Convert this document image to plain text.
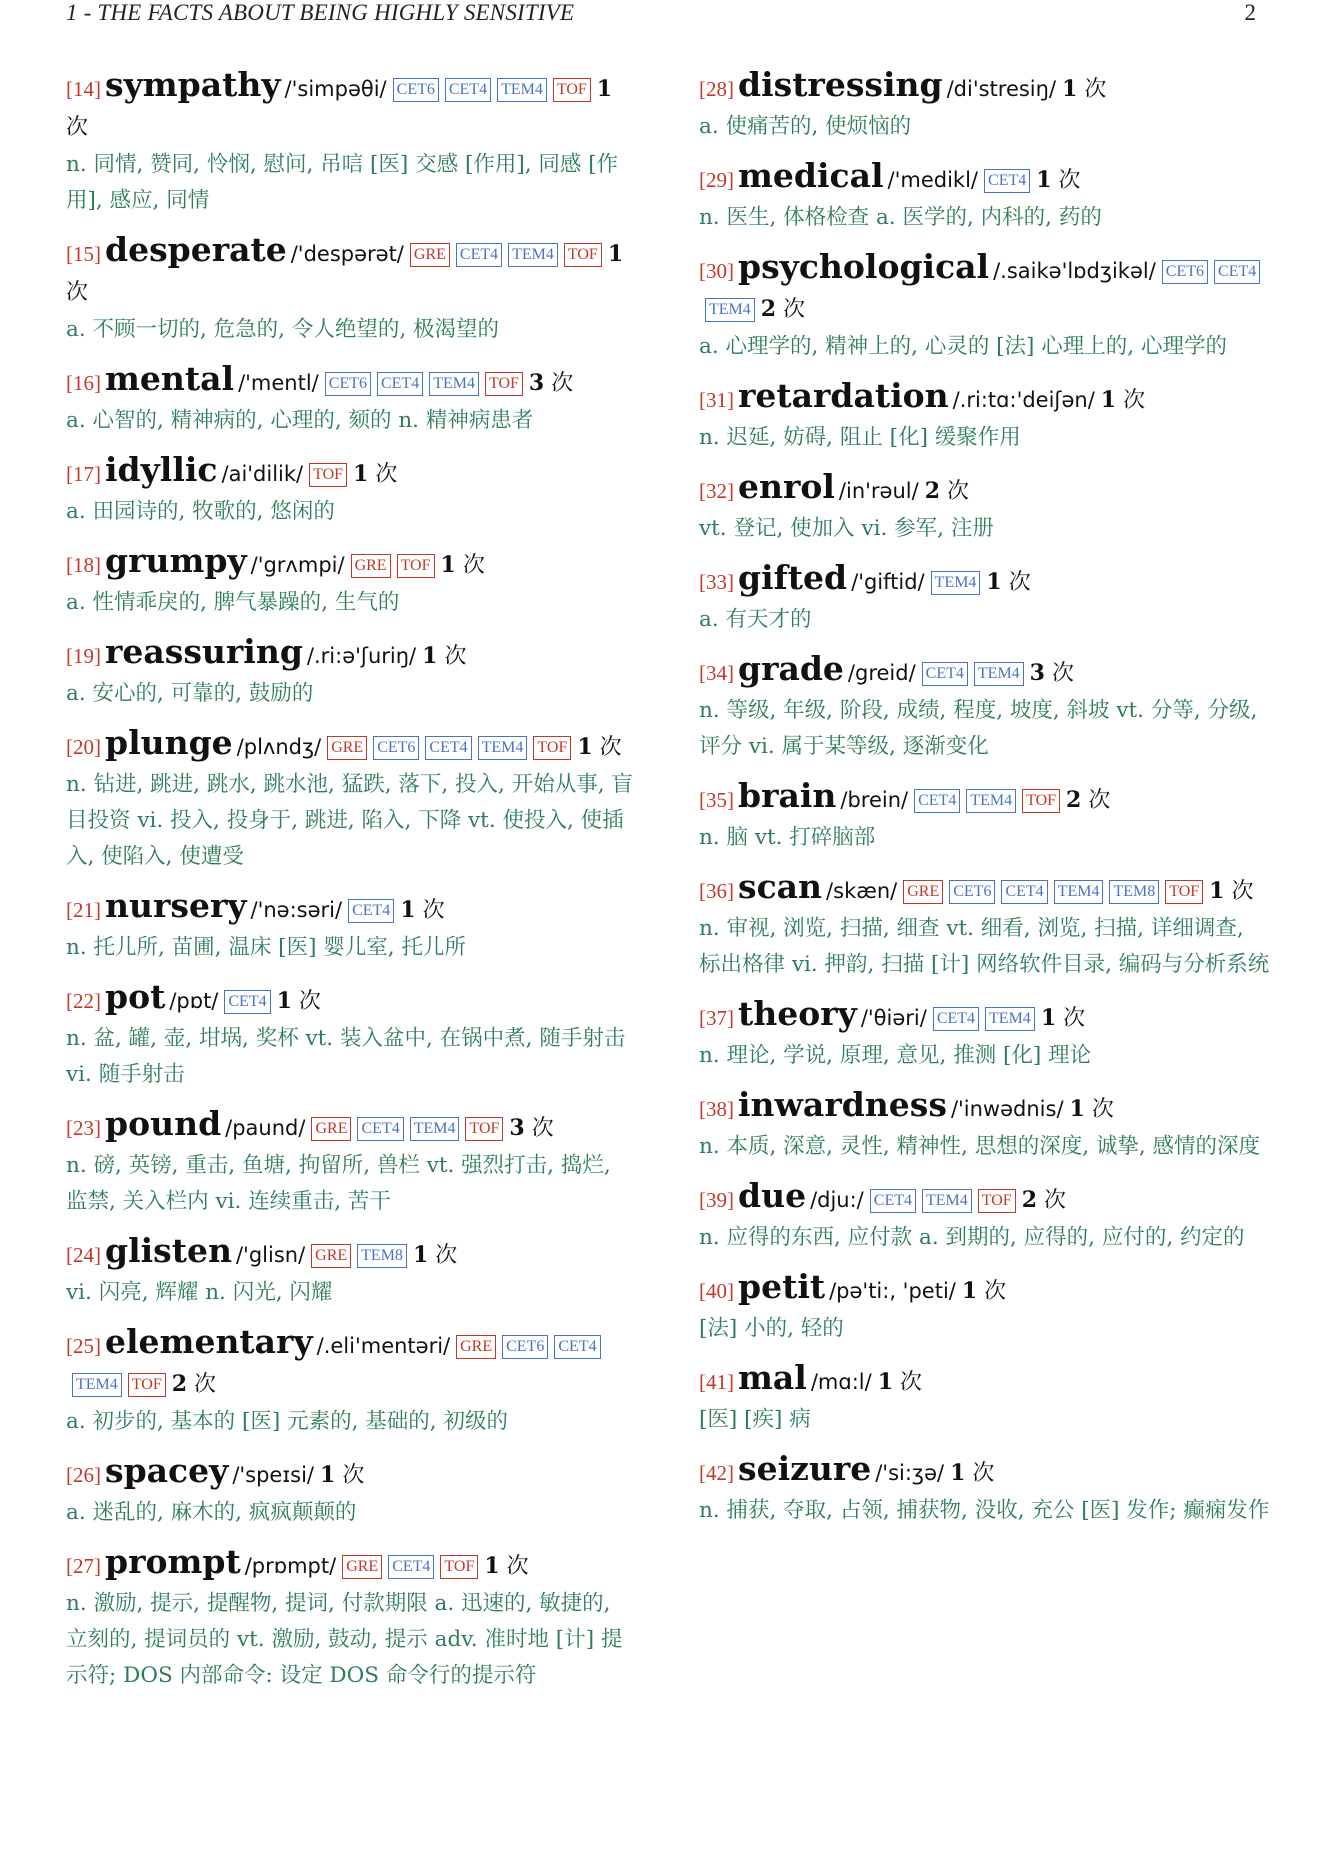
1 - THE FACTS ABOUT BEING HIGHLY SENSITIVE	2
[14] sympathy /'simpəθi/ CET6 CET4 TEM4 TOF 1 次
n. 同情, 赞同, 怜悯, 慰问, 吊唁 [医] 交感 [作用], 同感 [作用], 感应, 同情
[15] desperate /'despərət/ GRE CET4 TEM4 TOF 1 次
a. 不顾一切的, 危急的, 令人绝望的, 极渴望的
[16] mental /'mentl/ CET6 CET4 TEM4 TOF 3 次
a. 心智的, 精神病的, 心理的, 颏的 n. 精神病患者
[17] idyllic /ai'dilik/ TOF 1 次
a. 田园诗的, 牧歌的, 悠闲的
[18] grumpy /'grʌmpi/ GRE TOF 1 次
a. 性情乖戾的, 脾气暴躁的, 生气的
[19] reassuring /.ri:ə'ʃuriŋ/ 1 次
a. 安心的, 可靠的, 鼓励的
[20] plunge /plʌndʒ/ GRE CET6 CET4 TEM4 TOF 1 次
n. 钻进, 跳进, 跳水, 跳水池, 猛跌, 落下, 投入, 开始从事, 盲目投资 vi. 投入, 投身于, 跳进, 陷入, 下降 vt. 使投入, 使插入, 使陷入, 使遭受
[21] nursery /'nə:səri/ CET4 1 次
n. 托儿所, 苗圃, 温床 [医] 婴儿室, 托儿所
[22] pot /pɒt/ CET4 1 次
n. 盆, 罐, 壶, 坩埚, 奖杯 vt. 装入盆中, 在锅中煮, 随手射击 vi. 随手射击
[23] pound /paund/ GRE CET4 TEM4 TOF 3 次
n. 磅, 英镑, 重击, 鱼塘, 拘留所, 兽栏 vt. 强烈打击, 捣烂, 监禁, 关入栏内 vi. 连续重击, 苦干
[24] glisten /'glisn/ GRE TEM8 1 次
vi. 闪亮, 辉耀 n. 闪光, 闪耀
[25] elementary /.eli'mentəri/ GRE CET6 CET4TEM4 TOF 2 次
a. 初步的, 基本的 [医] 元素的, 基础的, 初级的
[26] spacey /'speɪsi/ 1 次
a. 迷乱的, 麻木的, 疯疯颠颠的
[27] prompt /prɒmpt/ GRE CET4 TOF 1 次
n. 激励, 提示, 提醒物, 提词, 付款期限 a. 迅速的, 敏捷的, 立刻的, 提词员的 vt. 激励, 鼓动, 提示 adv. 准时地 [计] 提示符; DOS 内部命令: 设定 DOS 命令行的提示符
[28] distressing /di'stresiŋ/ 1 次
a. 使痛苦的, 使烦恼的
[29] medical /'medikl/ CET4 1 次
n. 医生, 体格检查 a. 医学的, 内科的, 药的
[30] psychological /.saikə'lɒdʒikəl/ CET6 CET4TEM4 2 次
a. 心理学的, 精神上的, 心灵的 [法] 心理上的, 心理学的
[31] retardation /.ri:tɑ:'deiʃən/ 1 次
n. 迟延, 妨碍, 阻止 [化] 缓聚作用
[32] enrol /in'rəul/ 2 次
vt. 登记, 使加入 vi. 参军, 注册
[33] gifted /'giftid/ TEM4 1 次
a. 有天才的
[34] grade /greid/ CET4 TEM4 3 次
n. 等级, 年级, 阶段, 成绩, 程度, 坡度, 斜坡 vt. 分等, 分级, 评分 vi. 属于某等级, 逐渐变化
[35] brain /brein/ CET4 TEM4 TOF 2 次
n. 脑 vt. 打碎脑部
[36] scan /skæn/ GRE CET6 CET4 TEM4 TEM8 TOF 1 次
n. 审视, 浏览, 扫描, 细查 vt. 细看, 浏览, 扫描, 详细调查, 标出格律 vi. 押韵, 扫描 [计] 网络软件目录, 编码与分析系统
[37] theory /'θiəri/ CET4 TEM4 1 次
n. 理论, 学说, 原理, 意见, 推测 [化] 理论
[38] inwardness /'inwədnis/ 1 次
n. 本质, 深意, 灵性, 精神性, 思想的深度, 诚挚, 感情的深度
[39] due /dju:/ CET4 TEM4 TOF 2 次
n. 应得的东西, 应付款 a. 到期的, 应得的, 应付的, 约定的
[40] petit /pə'ti:, 'peti/ 1 次
[法] 小的, 轻的
[41] mal /mɑ:l/ 1 次
[医] [疾] 病
[42] seizure /'si:ʒə/ 1 次
n. 捕获, 夺取, 占领, 捕获物, 没收, 充公 [医] 发作; 癫痫发作
